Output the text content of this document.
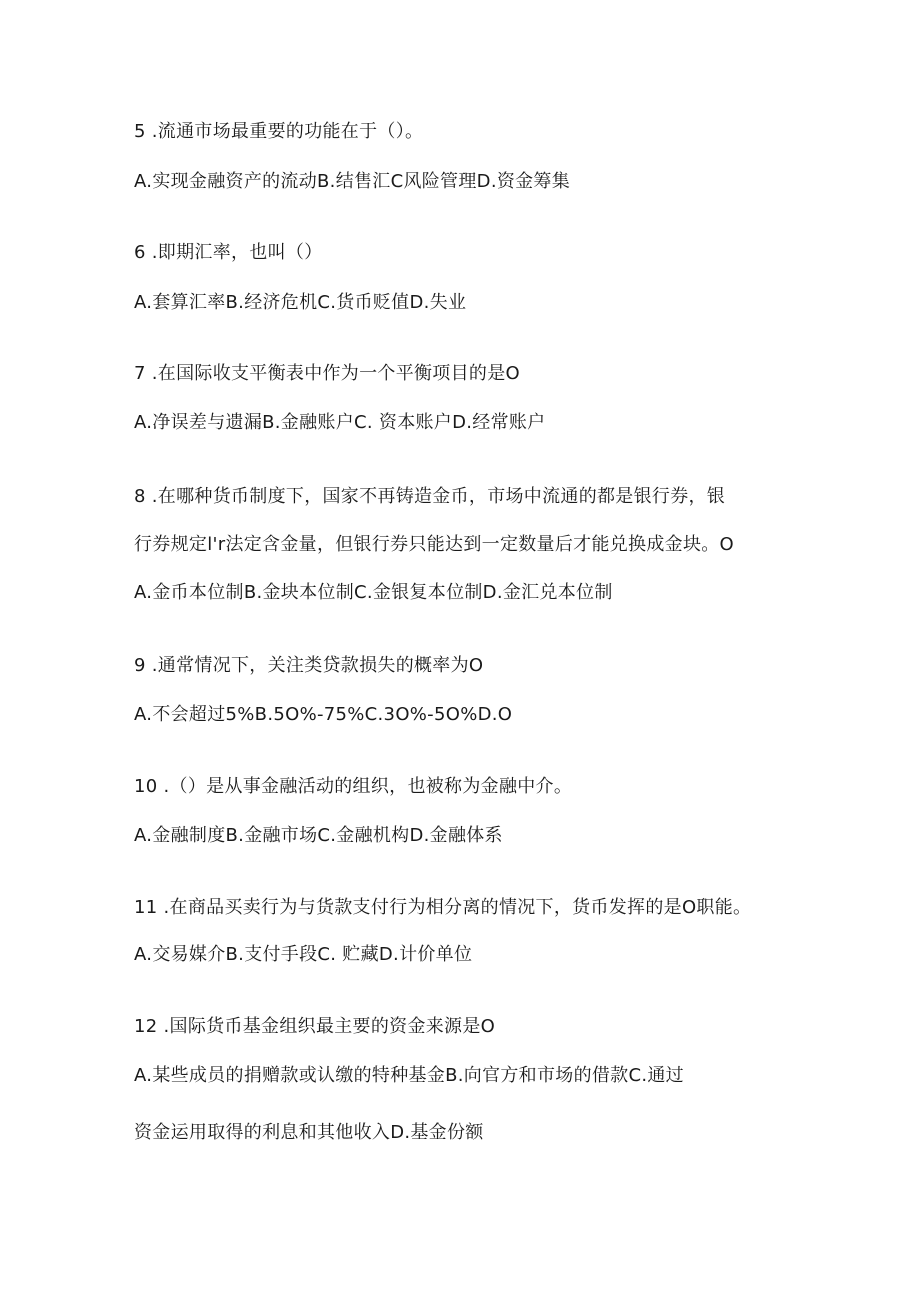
5 .流通市场最重要的功能在于（）。
A.实现金融资产的流动B.结售汇C风险管理D.资金筹集
6 .即期汇率，也叫（）
A.套算汇率B.经济危机C.货币贬值D.失业
7 .在国际收支平衡表中作为一个平衡项目的是O
A.净误差与遗漏B.金融账户C. 资本账户D.经常账户
8 .在哪种货币制度下，国家不再铸造金币，市场中流通的都是银行券，银
行券规定l'r法定含金量，但银行券只能达到一定数量后才能兑换成金块。O
A.金币本位制B.金块本位制C.金银复本位制D.金汇兑本位制
9 .通常情况下，关注类贷款损失的概率为O
A.不会超过5%B.5O%-75%C.3O%-5O%D.O
10 .（）是从事金融活动的组织，也被称为金融中介。
A.金融制度B.金融市场C.金融机构D.金融体系
11 .在商品买卖行为与货款支付行为相分离的情况下，货币发挥的是O职能。
A.交易媒介B.支付手段C. 贮藏D.计价单位
12 .国际货币基金组织最主要的资金来源是O
A.某些成员的捐赠款或认缴的特种基金B.向官方和市场的借款C.通过
资金运用取得的利息和其他收入D.基金份额
